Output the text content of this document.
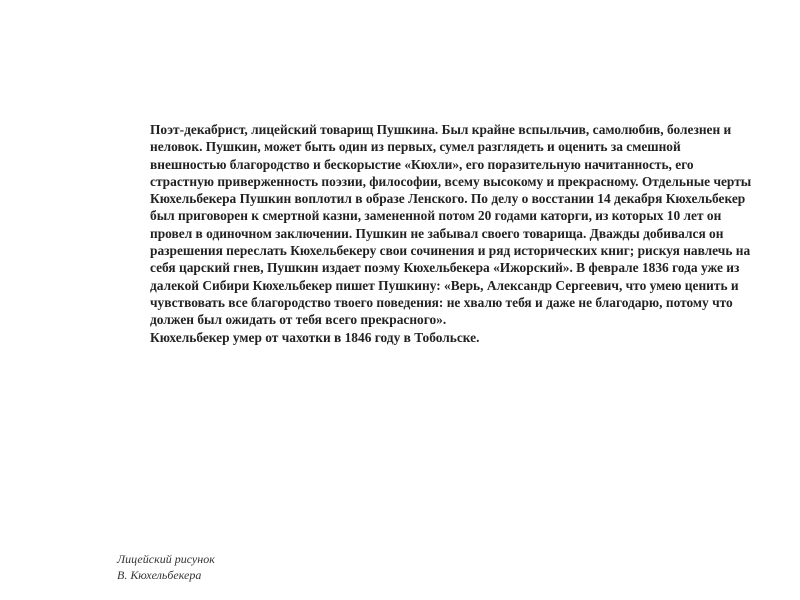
Поэт-декабрист, лицейский товарищ Пушкина. Был крайне вспыльчив, самолюбив, болезнен и неловок. Пушкин, может быть один из первых, сумел разглядеть и оценить за смешной внешностью благородство и бескорыстие «Кюхли», его поразительную начитанность, его страстную приверженность поэзии, философии, всему высокому и прекрасному. Отдельные черты Кюхельбекера Пушкин воплотил в образе Ленского. По делу о восстании 14 декабря Кюхельбекер был приговорен к смертной казни, замененной потом 20 годами каторги, из которых 10 лет он провел в одиночном заключении. Пушкин не забывал своего товарища. Дважды добивался он разрешения переслать Кюхельбекеру свои сочинения и ряд исторических книг; рискуя навлечь на себя царский гнев, Пушкин издает поэму Кюхельбекера «Ижорский». В феврале 1836 года уже из далекой Сибири Кюхельбекер пишет Пушкину: «Верь, Александр Сергеевич, что умею ценить и чувствовать все благородство твоего поведения: не хвалю тебя и даже не благодарю, потому что должен был ожидать от тебя всего прекрасного».

Кюхельбекер умер от чахотки в 1846 году в Тобольске.

Лицейский рисунок
В. Кюхельбекера
